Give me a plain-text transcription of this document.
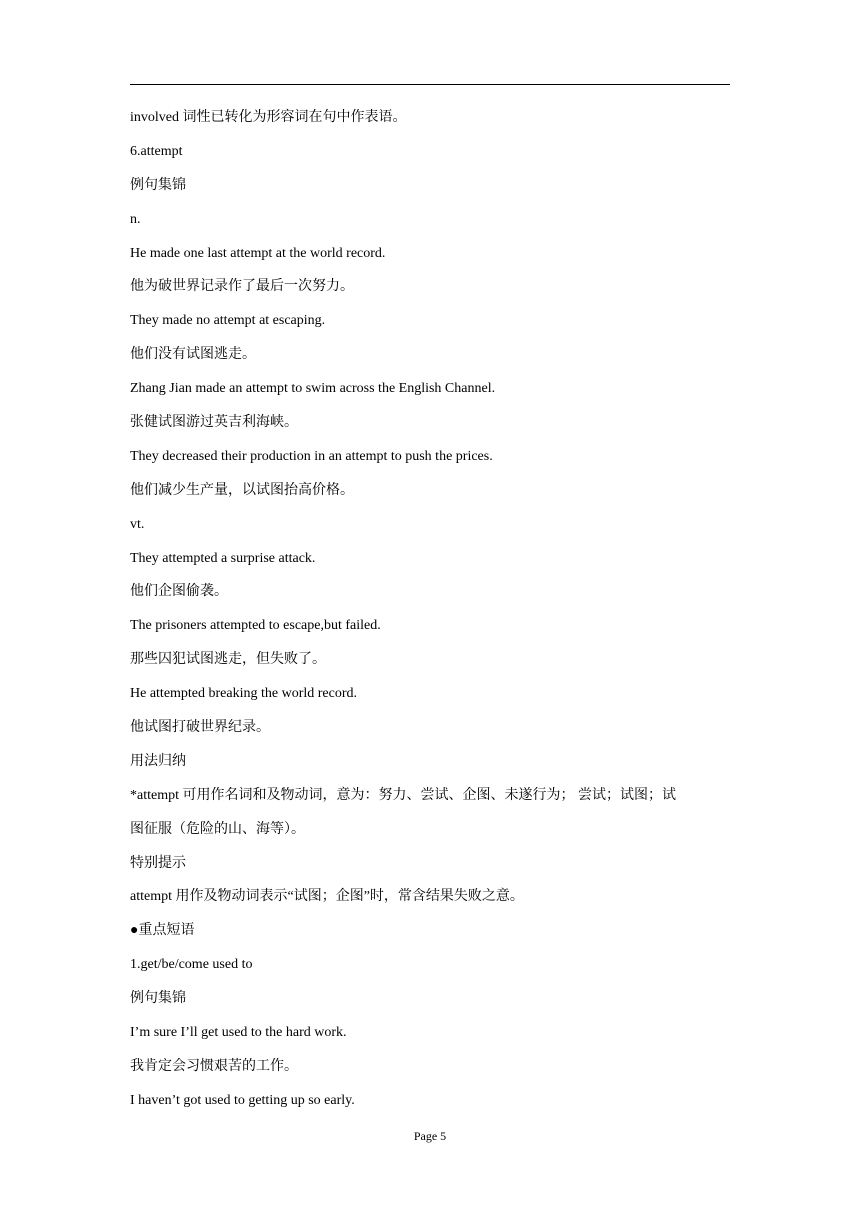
involved 词性已转化为形容词在句中作表语。
6.attempt
例句集锦
n.
He made one last attempt at the world record.
他为破世界记录作了最后一次努力。
They made no attempt at escaping.
他们没有试图逃走。
Zhang Jian made an attempt to swim across the English Channel.
张健试图游过英吉利海峡。
They decreased their production in an attempt to push the prices.
他们减少生产量，以试图抬高价格。
vt.
They attempted a surprise attack.
他们企图偷袭。
The prisoners attempted to escape,but failed.
那些囚犯试图逃走，但失败了。
He attempted breaking the world record.
他试图打破世界纪录。
用法归纳
*attempt 可用作名词和及物动词，意为：努力、尝试、企图、未遂行为； 尝试；试图；试
图征服（危险的山、海等）。
特别提示
attempt 用作及物动词表示“试图；企图”时，常含结果失败之意。
●重点短语
1.get/be/come used to
例句集锦
I’m sure I’ll get used to the hard work.
我肯定会习惯艰苦的工作。
I haven’t got used to getting up so early.
Page 5
